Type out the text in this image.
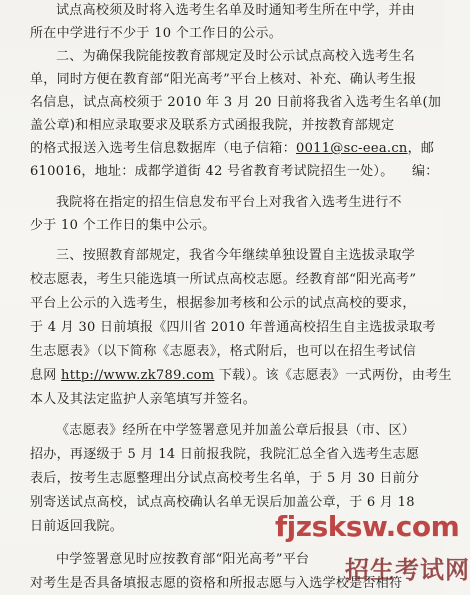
试点高校须及时将入选考生名单及时通知考生所在中学，并由
所在中学进行不少于 10 个工作日的公示。
二、为确保我院能按教育部规定及时公示试点高校入选考生名
单，同时方便在教育部“阳光高考”平台上核对、补充、确认考生报
名信息，试点高校须于 2010 年 3 月 20 日前将我省入选考生名单(加
盖公章)和相应录取要求及联系方式函报我院，并按教育部规定
的格式报送入选考生信息数据库（电子信箱：0011@sc-eea.cn，邮
编：
610016，地址：成都学道街 42 号省教育考试院招生一处）。
我院将在指定的招生信息发布平台上对我省入选考生进行不
少于 10 个工作日的集中公示。
三、按照教育部规定，我省今年继续单独设置自主选拔录取学
校志愿表，考生只能选填一所试点高校志愿。经教育部“阳光高考”
平台上公示的入选考生，根据参加考核和公示的试点高校的要求，
于 4 月 30 日前填报《四川省 2010 年普通高校招生自主选拔录取考
生志愿表》（以下简称《志愿表》，格式附后，也可以在招生考试信
息网 http://www.zk789.com 下载）。该《志愿表》一式两份，由考生
本人及其法定监护人亲笔填写并签名。
《志愿表》经所在中学签署意见并加盖公章后报县（市、区）
招办，再逐级于 5 月 14 日前报我院，我院汇总全省入选考生志愿
表后，按考生志愿整理出分试点高校考生名单，于 5 月 30 日前分
别寄送试点高校，试点高校确认名单无误后加盖公章，于 6 月 18
日前返回我院。
中学签署意见时应按教育部“阳光高考”平台
对考生是否具备填报志愿的资格和所报志愿与入选学校是否相符
fjzsksw.com
招生考试网
